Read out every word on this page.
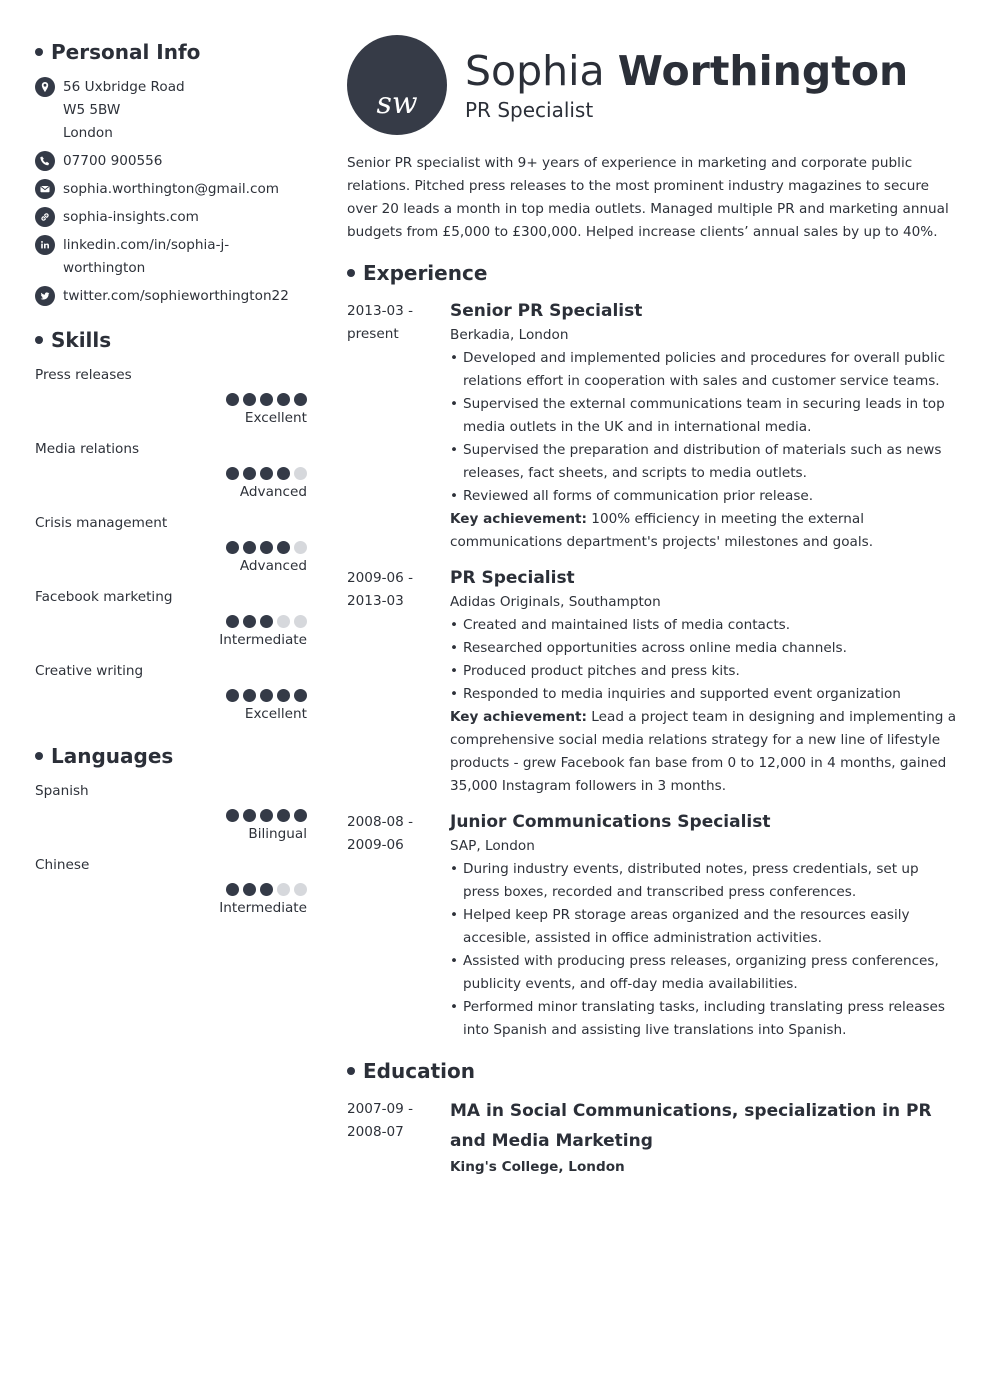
Personal Info
56 Uxbridge Road
W5 5BW
London
07700 900556
sophia.worthington@gmail.com
sophia-insights.com
linkedin.com/in/sophia-j-
worthington
twitter.com/sophieworthington22
Skills
Press releases
Excellent
Media relations
Advanced
Crisis management
Advanced
Facebook marketing
Intermediate
Creative writing
Excellent
Languages
Spanish
Bilingual
Chinese
Intermediate
sw
Sophia Worthington
PR Specialist

Senior PR specialist with 9+ years of experience in marketing and corporate public relations. Pitched press releases to the most prominent industry magazines to secure over 20 leads a month in top media outlets. Managed multiple PR and marketing annual budgets from £5,000 to £300,000. Helped increase clients’ annual sales by up to 40%.

Experience
2013-03 -
present
Senior PR Specialist
Berkadia, London
• Developed and implemented policies and procedures for overall public relations effort in cooperation with sales and customer service teams.
• Supervised the external communications team in securing leads in top media outlets in the UK and in international media.
• Supervised the preparation and distribution of materials such as news releases, fact sheets, and scripts to media outlets.
• Reviewed all forms of communication prior release.
Key achievement: 100% efficiency in meeting the external communications department's projects' milestones and goals.
2009-06 -
2013-03
PR Specialist
Adidas Originals, Southampton
• Created and maintained lists of media contacts.
• Researched opportunities across online media channels.
• Produced product pitches and press kits.
• Responded to media inquiries and supported event organization
Key achievement: Lead a project team in designing and implementing a comprehensive social media relations strategy for a new line of lifestyle products - grew Facebook fan base from 0 to 12,000 in 4 months, gained 35,000 Instagram followers in 3 months.
2008-08 -
2009-06
Junior Communications Specialist
SAP, London
• During industry events, distributed notes, press credentials, set up press boxes, recorded and transcribed press conferences.
• Helped keep PR storage areas organized and the resources easily accesible, assisted in office administration activities.
• Assisted with producing press releases, organizing press conferences, publicity events, and off-day media availabilities.
• Performed minor translating tasks, including translating press releases into Spanish and assisting live translations into Spanish.
Education
2007-09 -
2008-07
MA in Social Communications, specialization in PR and Media Marketing
King's College, London
